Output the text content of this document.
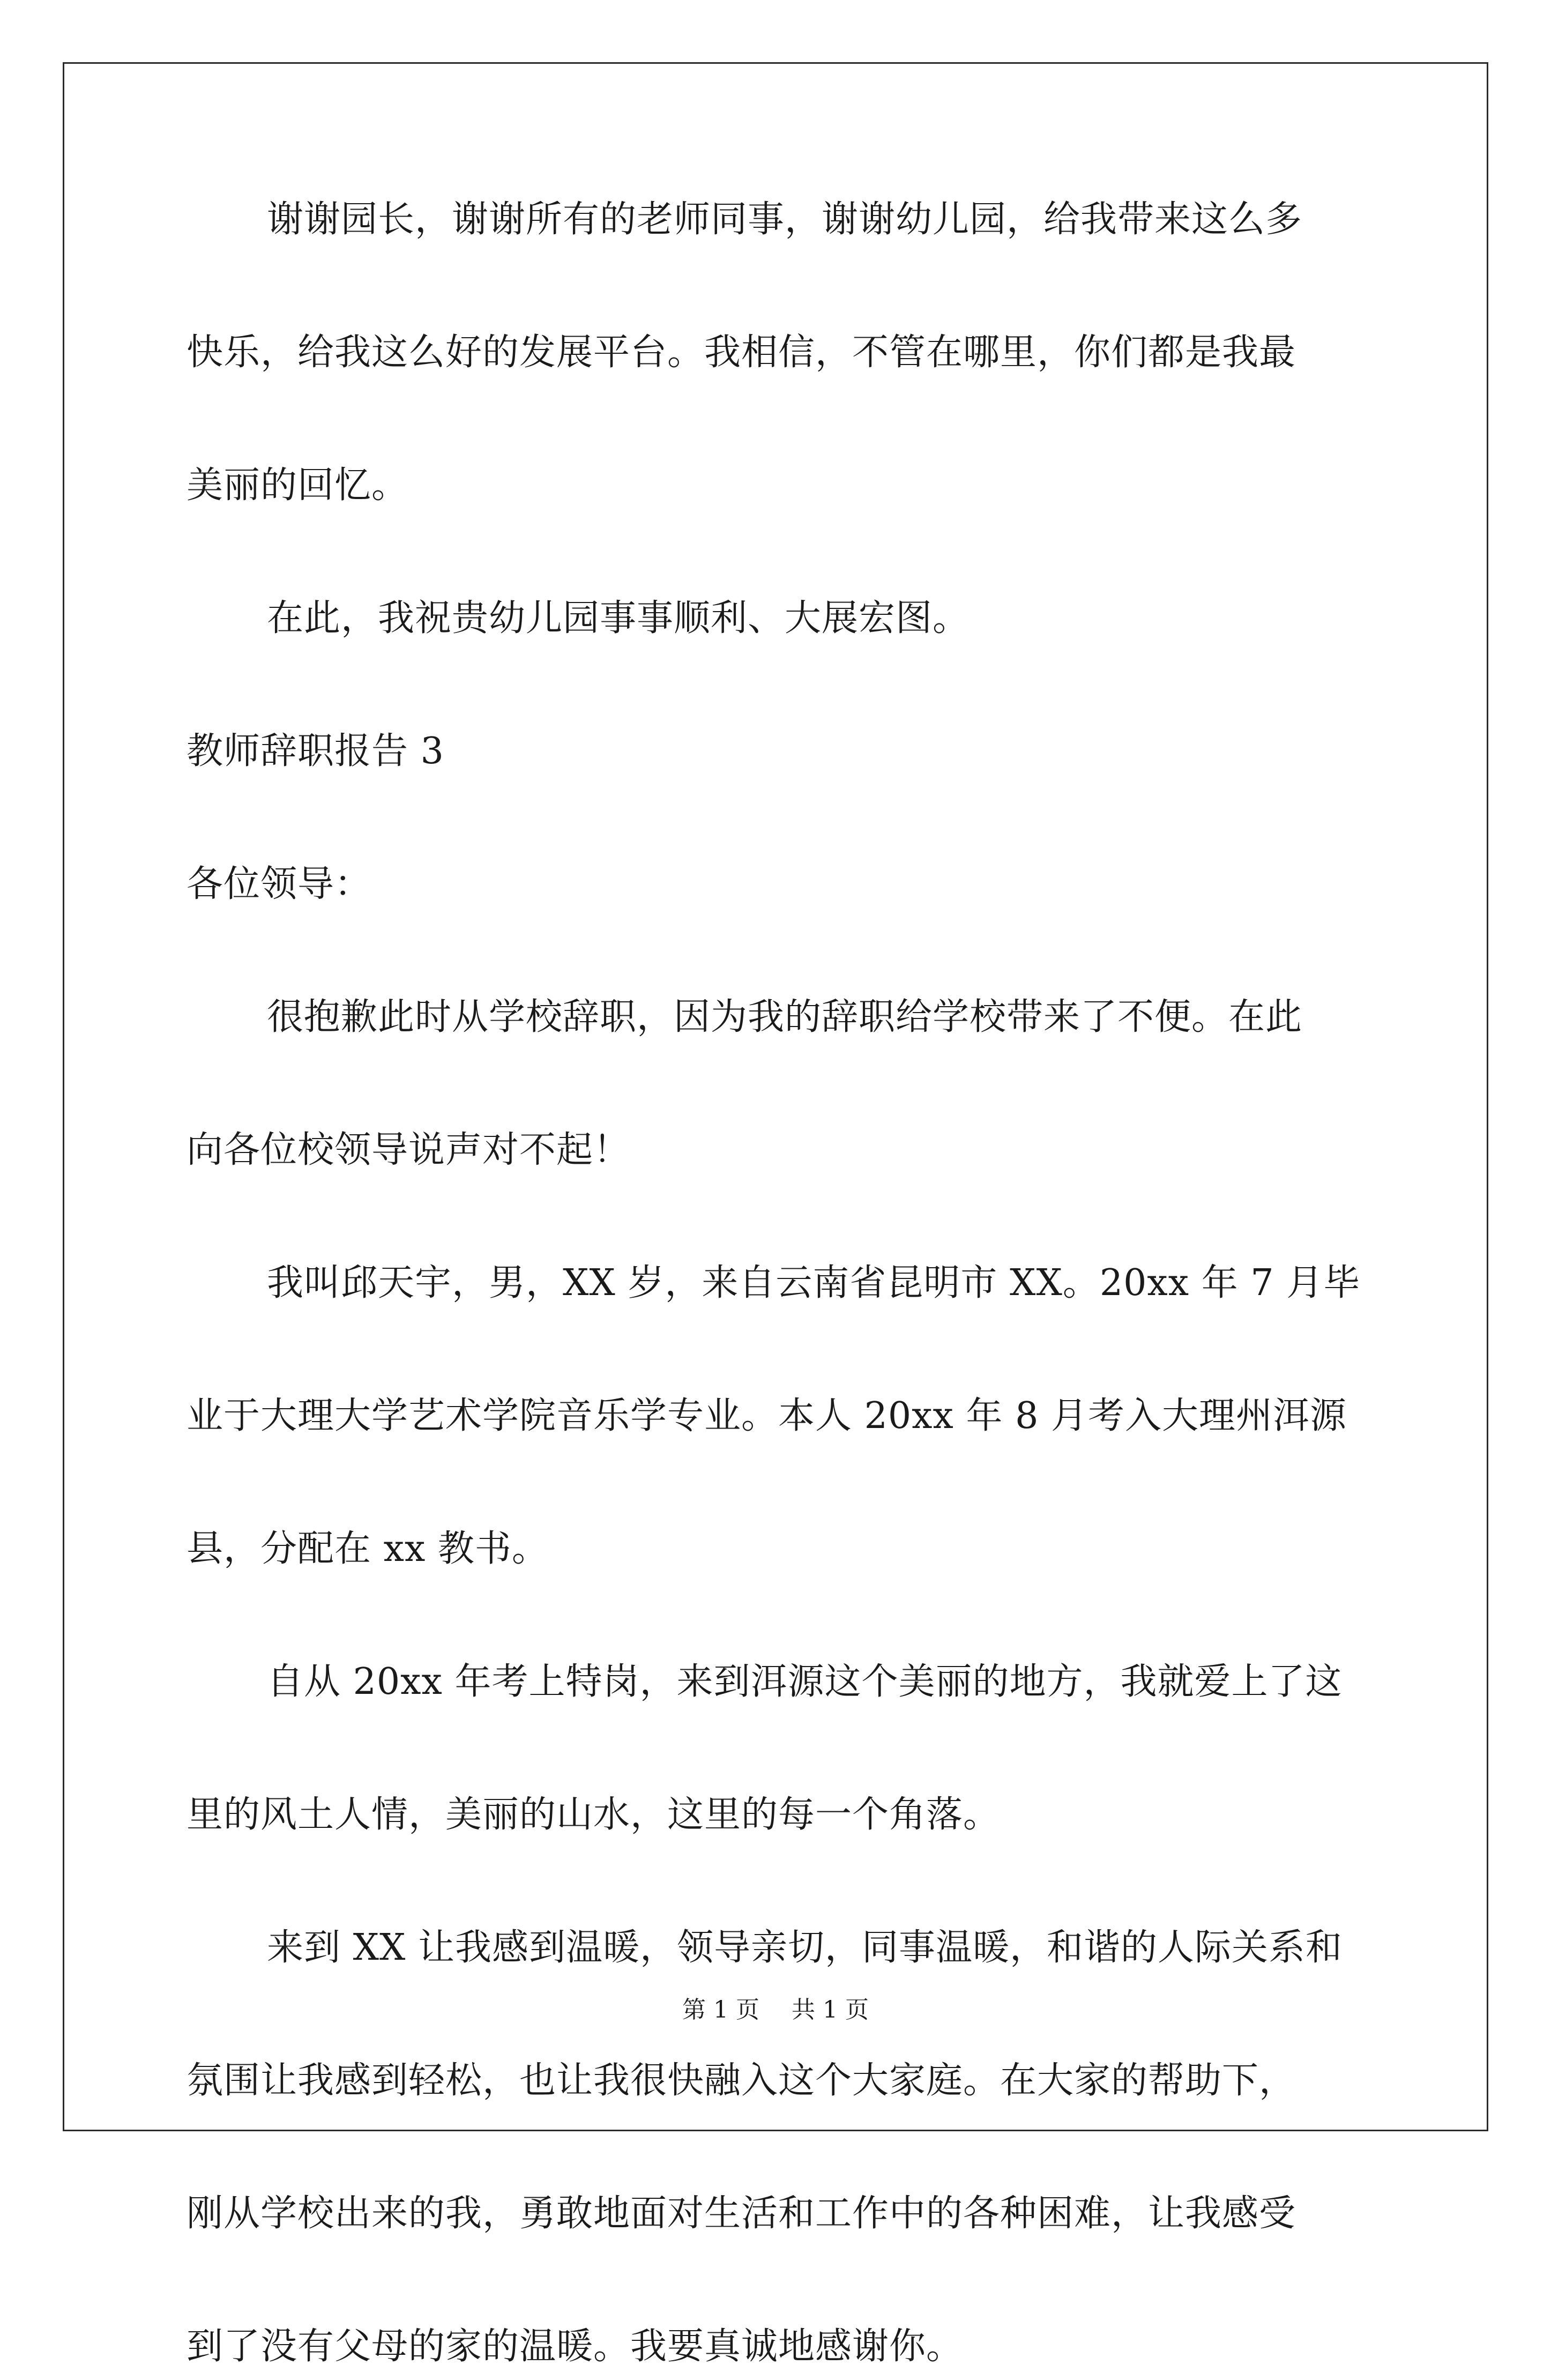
谢谢园长，谢谢所有的老师同事，谢谢幼儿园，给我带来这么多

快乐，给我这么好的发展平台。我相信，不管在哪里，你们都是我最

美丽的回忆。

在此，我祝贵幼儿园事事顺利、大展宏图。

教师辞职报告 3

各位领导：

很抱歉此时从学校辞职，因为我的辞职给学校带来了不便。在此

向各位校领导说声对不起！

我叫邱天宇，男，XX 岁，来自云南省昆明市 XX。20xx 年 7 月毕

业于大理大学艺术学院音乐学专业。本人 20xx 年 8 月考入大理州洱源

县，分配在 xx 教书。

自从 20xx 年考上特岗，来到洱源这个美丽的地方，我就爱上了这

里的风土人情，美丽的山水，这里的每一个角落。

来到 XX 让我感到温暖，领导亲切，同事温暖，和谐的人际关系和

氛围让我感到轻松，也让我很快融入这个大家庭。在大家的帮助下，

刚从学校出来的我，勇敢地面对生活和工作中的各种困难，让我感受

到了没有父母的家的温暖。我要真诚地感谢你。

第 1 页 共 1 页
